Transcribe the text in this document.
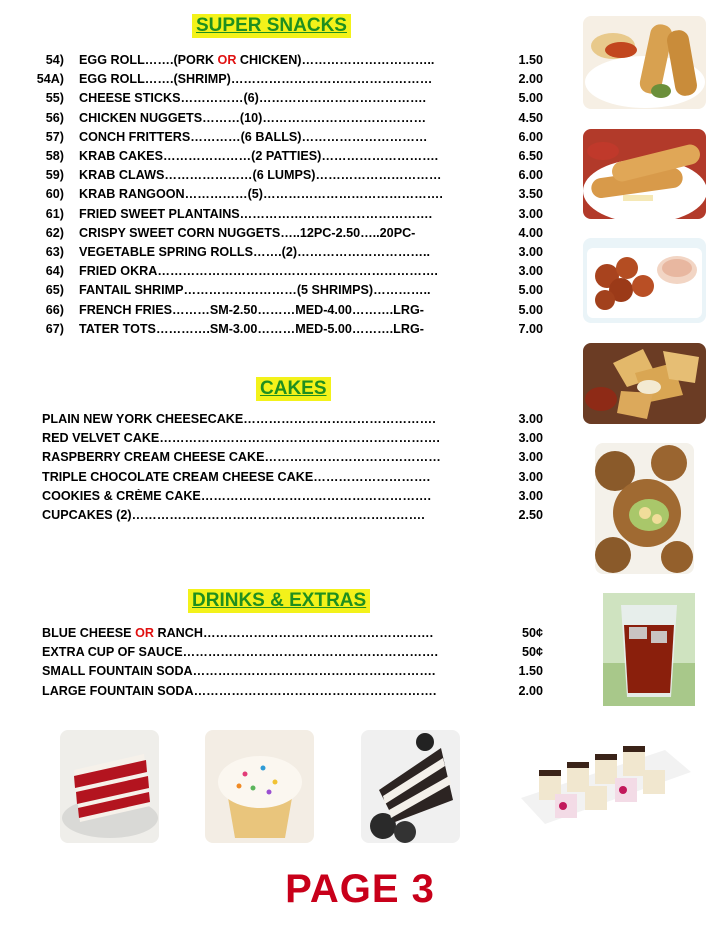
SUPER SNACKS
CAKES
DRINKS & EXTRAS
54) EGG ROLL…….(PORK OR CHICKEN)…………………………..	1.50
54A) EGG ROLL…….(SHRIMP)…………………………………………	2.00
55) CHEESE STICKS……………(6)………………………………….	5.00
56) CHICKEN NUGGETS………(10)…………………………………	4.50
57) CONCH FRITTERS…………(6 BALLS)…………………………	6.00
58) KRAB CAKES…………………(2 PATTIES)……………………….	6.50
59) KRAB CLAWS…………………(6 LUMPS)…………………………	6.00
60) KRAB RANGOON……………(5)…………………………………….	3.50
61) FRIED SWEET PLANTAINS……………………………………….	3.00
62) CRISPY SWEET CORN NUGGETS…..12PC-2.50…..20PC-	4.00
63) VEGETABLE SPRING ROLLS…….(2)…………………………..	3.00
64) FRIED OKRA………………………………………………………….	3.00
65) FANTAIL SHRIMP………………………(5 SHRIMPS)…………..	5.00
66) FRENCH FRIES………SM-2.50………MED-4.00……….LRG-	5.00
67) TATER TOTS………….SM-3.00………MED-5.00……….LRG-	7.00
PLAIN NEW YORK CHEESECAKE……………………………………….	3.00
RED VELVET CAKE………………………………………………………….	3.00
RASPBERRY CREAM CHEESE CAKE……………………………………	3.00
TRIPLE CHOCOLATE CREAM CHEESE CAKE……………………….	3.00
COOKIES & CRÈME CAKE……………………………………………….	3.00
CUPCAKES (2)…………………………………………………………….	2.50
BLUE CHEESE OR RANCH……………………………………………….	50¢
EXTRA CUP OF SAUCE…………………………………………………….	50¢
SMALL FOUNTAIN SODA………………………………………………….	1.50
LARGE FOUNTAIN SODA………………………………………………….	2.00
PAGE 3
